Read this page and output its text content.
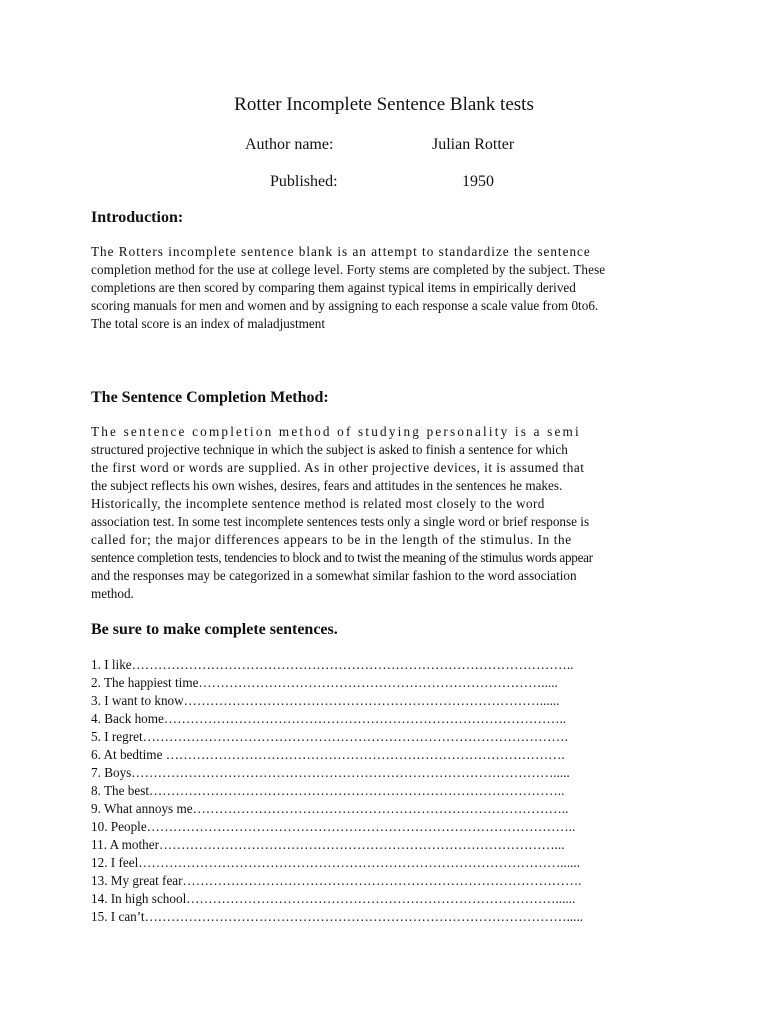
Rotter Incomplete Sentence Blank tests
Author name:	Julian Rotter
Published:	1950
Introduction:
The Rotters incomplete sentence blank is an attempt to standardize the sentence
completion method for the use at college level. Forty stems are completed by the subject. These
completions are then scored by comparing them against typical items in empirically derived
scoring manuals for men and women and by assigning to each response a scale value from 0to6.
The total score is an index of maladjustment
The Sentence Completion Method:
The sentence completion method of studying personality is a semi
structured projective technique in which the subject is asked to finish a sentence for which
the first word or words are supplied. As in other projective devices, it is assumed that
the subject reflects his own wishes, desires, fears and attitudes in the sentences he makes.
Historically, the incomplete sentence method is related most closely to the word
association test. In some test incomplete sentences tests only a single word or brief response is
called for; the major differences appears to be in the length of the stimulus. In the
sentence completion tests, tendencies to block and to twist the meaning of the stimulus words appear
and the responses may be categorized in a somewhat similar fashion to the word association
method.
Be sure to make complete sentences.
1. I like………………………………………………………………………………………..
2. The happiest time…………………………………………………………………….....
3. I want to know………………………………………………………………………......
4. Back home………………………………………………………………………………..
5. I regret…………………………………………………………………………………….
6. At bedtime ……………………………………………………………………………….
7. Boys…………………………………………………………………………………….....
8. The best…………………………………………………………………………………..
9. What annoys me…………………………………………………………………………..
10. People……………………………………………………………………………………..
11. A mother………………………………………………………………………………...
12. I feel……………………………………………………………………………………......
13. My great fear……………………………………………………………………………….
14. In high school…………………………………………………………………………......
15. I can’t…………………………………………………………………………………….....
